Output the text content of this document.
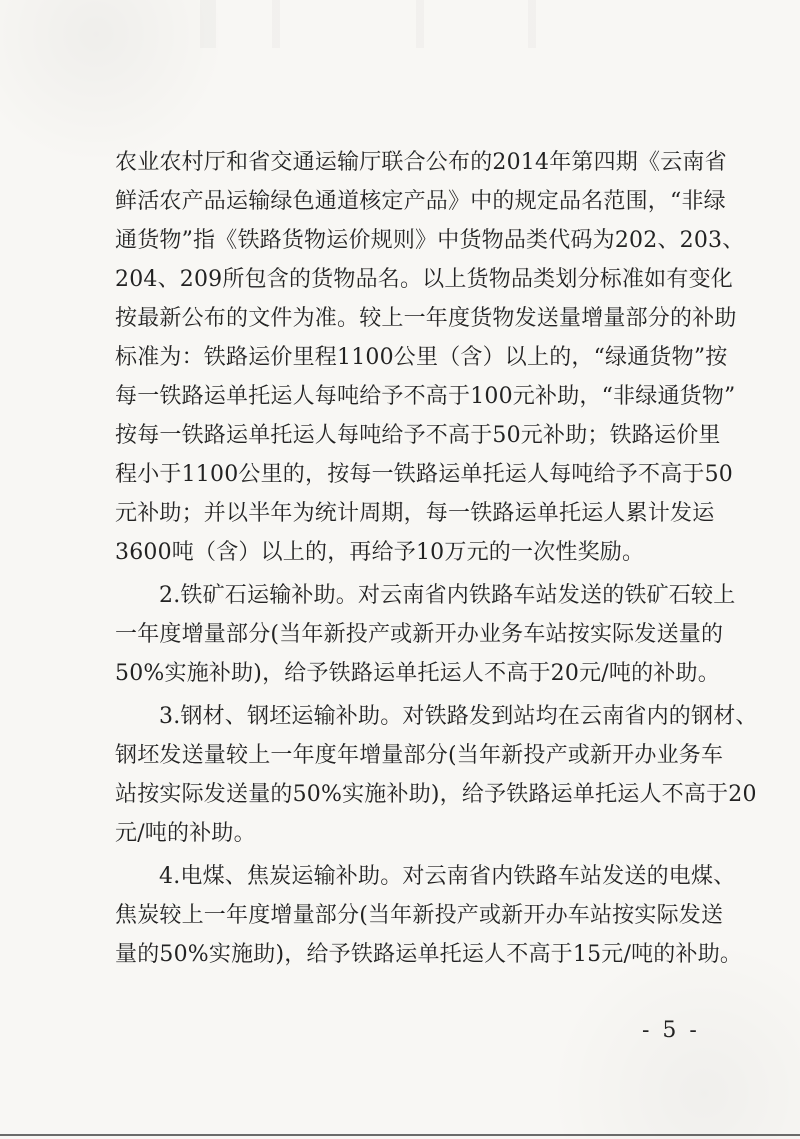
农业农村厅和省交通运输厅联合公布的2014年第四期《云南省
鲜活农产品运输绿色通道核定产品》中的规定品名范围，“非绿
通货物”指《铁路货物运价规则》中货物品类代码为202、203、
204、209所包含的货物品名。以上货物品类划分标准如有变化
按最新公布的文件为准。较上一年度货物发送量增量部分的补助
标准为：铁路运价里程1100公里（含）以上的，“绿通货物”按
每一铁路运单托运人每吨给予不高于100元补助，“非绿通货物”
按每一铁路运单托运人每吨给予不高于50元补助；铁路运价里
程小于1100公里的，按每一铁路运单托运人每吨给予不高于50
元补助；并以半年为统计周期，每一铁路运单托运人累计发运
3600吨（含）以上的，再给予10万元的一次性奖励。
2.铁矿石运输补助。对云南省内铁路车站发送的铁矿石较上
一年度增量部分(当年新投产或新开办业务车站按实际发送量的
50%实施补助)，给予铁路运单托运人不高于20元/吨的补助。
3.钢材、钢坯运输补助。对铁路发到站均在云南省内的钢材、
钢坯发送量较上一年度年增量部分(当年新投产或新开办业务车
站按实际发送量的50%实施补助)，给予铁路运单托运人不高于20
元/吨的补助。
4.电煤、焦炭运输补助。对云南省内铁路车站发送的电煤、
焦炭较上一年度增量部分(当年新投产或新开办车站按实际发送
量的50%实施助)，给予铁路运单托运人不高于15元/吨的补助。
- 5 -
